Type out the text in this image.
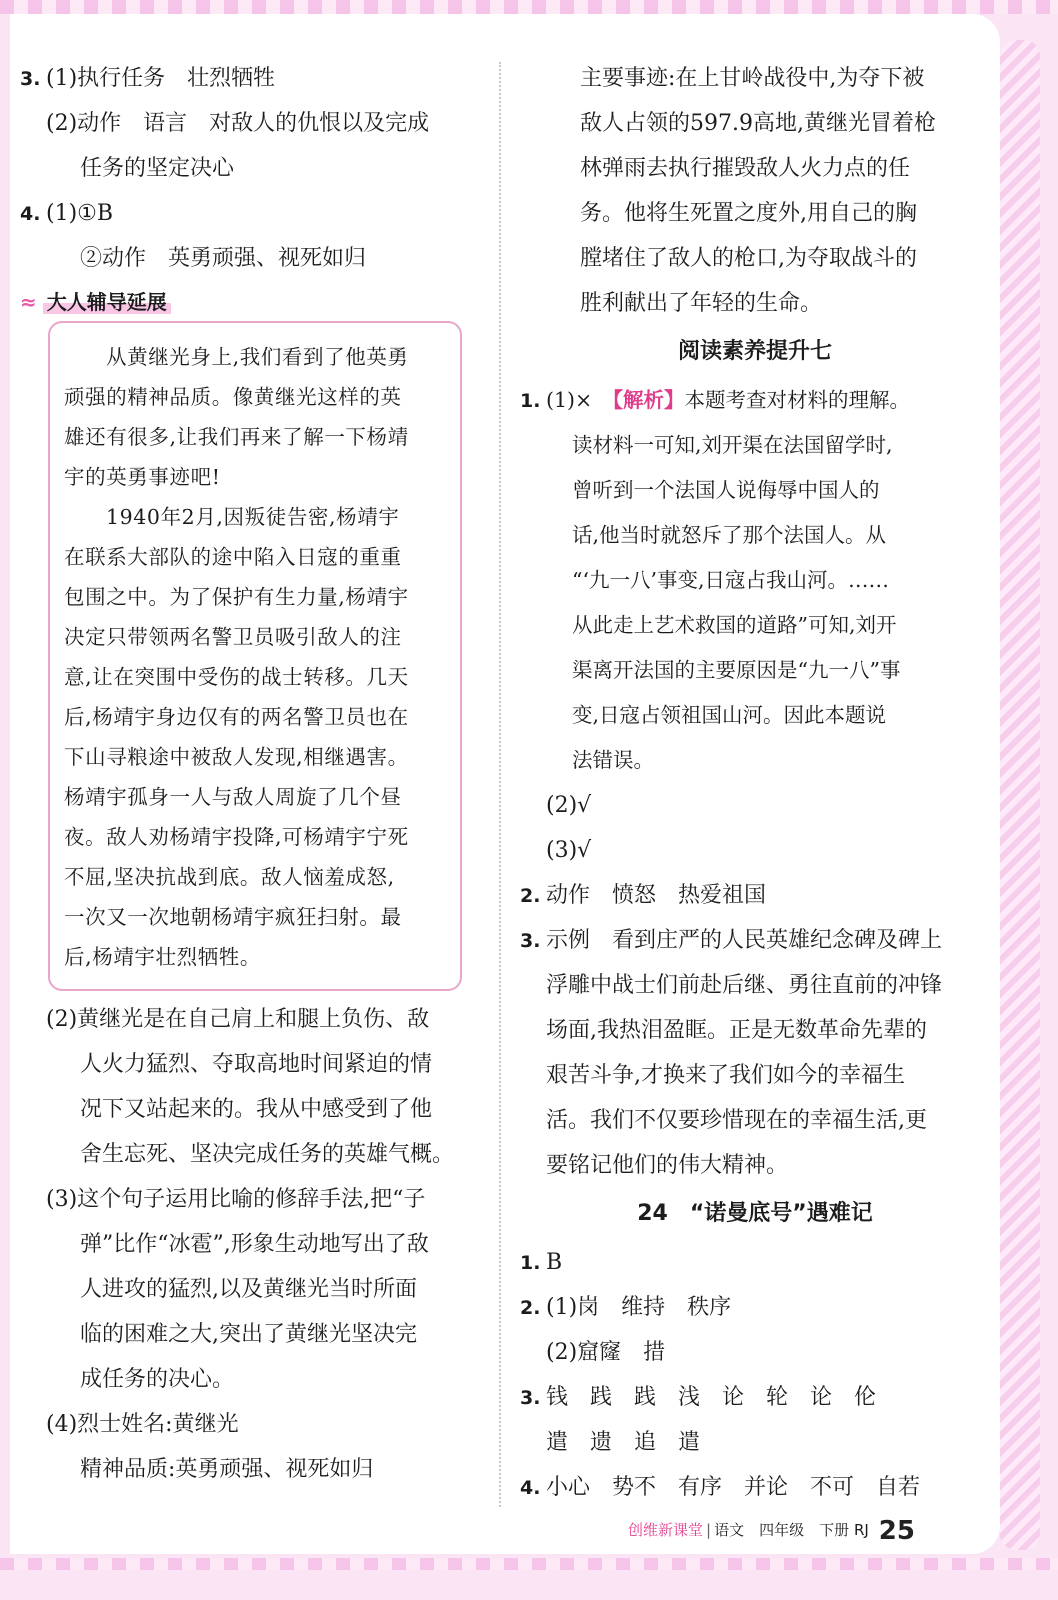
3. (1)执行任务　壮烈牺牲
(2)动作　语言　对敌人的仇恨以及完成
任务的坚定决心
4. (1)①B
②动作　英勇顽强、视死如归
≈ 大人辅导延展
从黄继光身上,我们看到了他英勇
顽强的精神品质。像黄继光这样的英
雄还有很多,让我们再来了解一下杨靖
宇的英勇事迹吧!
1940年2月,因叛徒告密,杨靖宇
在联系大部队的途中陷入日寇的重重
包围之中。为了保护有生力量,杨靖宇
决定只带领两名警卫员吸引敌人的注
意,让在突围中受伤的战士转移。几天
后,杨靖宇身边仅有的两名警卫员也在
下山寻粮途中被敌人发现,相继遇害。
杨靖宇孤身一人与敌人周旋了几个昼
夜。敌人劝杨靖宇投降,可杨靖宇宁死
不屈,坚决抗战到底。敌人恼羞成怒,
一次又一次地朝杨靖宇疯狂扫射。最
后,杨靖宇壮烈牺牲。
(2)黄继光是在自己肩上和腿上负伤、敌
人火力猛烈、夺取高地时间紧迫的情
况下又站起来的。我从中感受到了他
舍生忘死、坚决完成任务的英雄气概。
(3)这个句子运用比喻的修辞手法,把“子
弹”比作“冰雹”,形象生动地写出了敌
人进攻的猛烈,以及黄继光当时所面
临的困难之大,突出了黄继光坚决完
成任务的决心。
(4)烈士姓名:黄继光
精神品质:英勇顽强、视死如归
主要事迹:在上甘岭战役中,为夺下被
敌人占领的597.9高地,黄继光冒着枪
林弹雨去执行摧毁敌人火力点的任
务。他将生死置之度外,用自己的胸
膛堵住了敌人的枪口,为夺取战斗的
胜利献出了年轻的生命。
阅读素养提升七
1. (1)×　 【解析】本题考查对材料的理解。
读材料一可知,刘开渠在法国留学时,
曾听到一个法国人说侮辱中国人的
话,他当时就怒斥了那个法国人。从
“‘九一八’事变,日寇占我山河。……
从此走上艺术救国的道路”可知,刘开
渠离开法国的主要原因是“九一八”事
变,日寇占领祖国山河。因此本题说
法错误。
(2)√
(3)√
2. 动作　愤怒　热爱祖国
3. 示例　看到庄严的人民英雄纪念碑及碑上
浮雕中战士们前赴后继、勇往直前的冲锋
场面,我热泪盈眶。正是无数革命先辈的
艰苦斗争,才换来了我们如今的幸福生
活。我们不仅要珍惜现在的幸福生活,更
要铭记他们的伟大精神。
24　“诺曼底号”遇难记
1. B
2. (1)岗　维持　秩序
(2)窟窿　措
3. 钱　践　践　浅　论　轮　论　伦
遣　遗　追　遣
4. 小心　势不　有序　并论　不可　自若
创维新课堂 | 语文　 四年级　 下册 RJ 25
